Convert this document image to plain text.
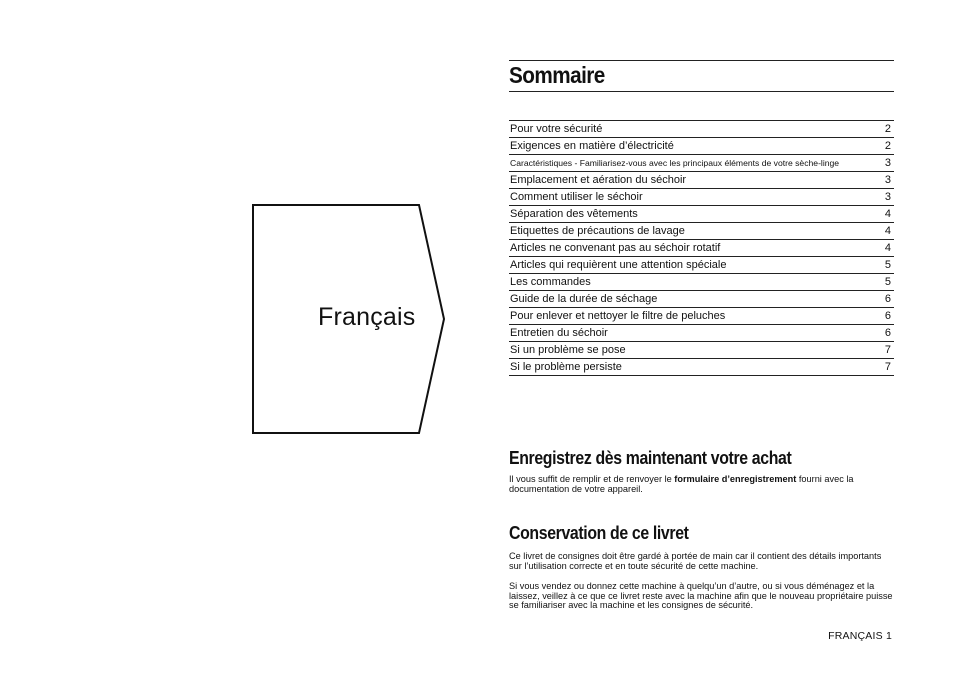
Français
Sommaire
Pour votre sécurité	2
Exigences en matière d’électricité	2
Caractéristiques - Familiarisez-vous avec les principaux éléments de votre sèche-linge	3
Emplacement et aération du séchoir	3
Comment utiliser le séchoir	3
Séparation des vêtements	4
Etiquettes de précautions de lavage	4
Articles ne convenant pas au séchoir rotatif	4
Articles qui requièrent une attention spéciale	5
Les commandes	5
Guide de la durée de séchage	6
Pour enlever et nettoyer le filtre de peluches	6
Entretien du séchoir	6
Si un problème se pose	7
Si le problème persiste	7
Enregistrez dès maintenant votre achat
Il vous suffit de remplir et de renvoyer le formulaire d’enregistrement fourni avec la documentation de votre appareil.
Conservation de ce livret
Ce livret de consignes doit être gardé à portée de main car il contient des détails importants sur l’utilisation correcte et en toute sécurité de cette machine.
Si vous vendez ou donnez cette machine à quelqu’un d’autre, ou si vous déménagez et la laissez, veillez à ce que ce livret reste avec la machine afin que le nouveau propriétaire puisse se familiariser avec la machine et les consignes de sécurité.
FRANÇAIS 1
